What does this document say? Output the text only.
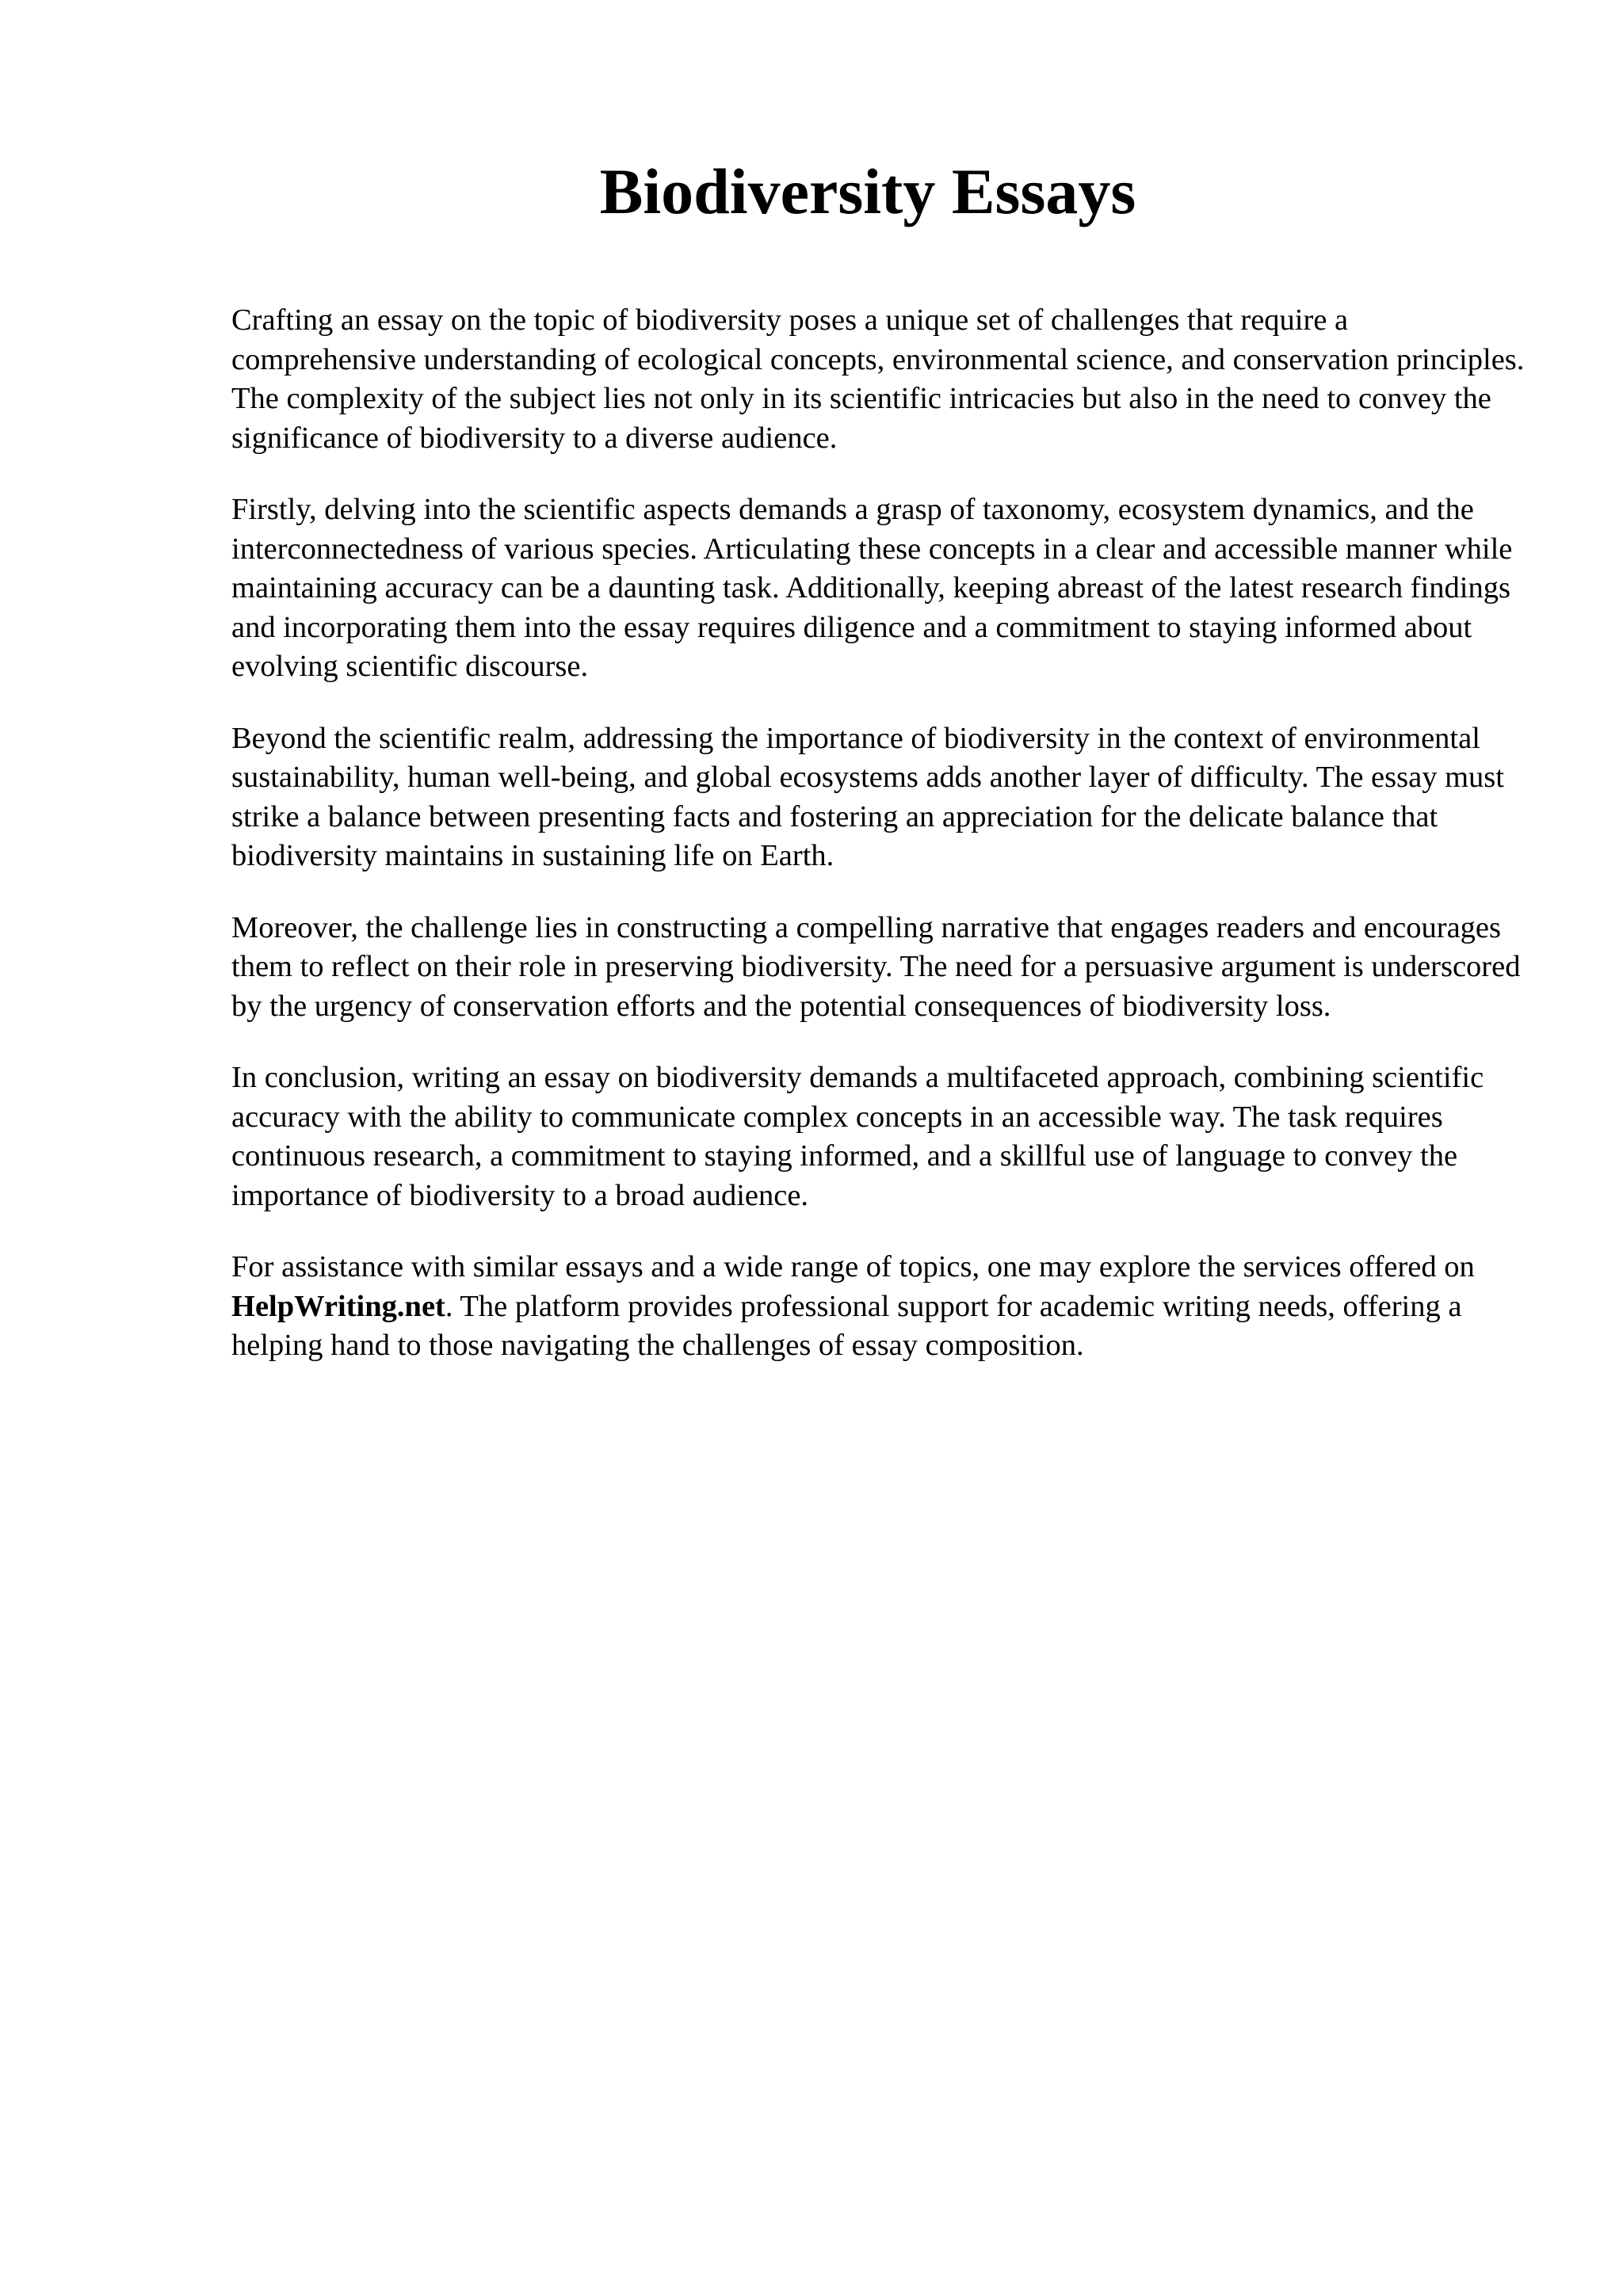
Biodiversity Essays

Crafting an essay on the topic of biodiversity poses a unique set of challenges that require a comprehensive understanding of ecological concepts, environmental science, and conservation principles. The complexity of the subject lies not only in its scientific intricacies but also in the need to convey the significance of biodiversity to a diverse audience.

Firstly, delving into the scientific aspects demands a grasp of taxonomy, ecosystem dynamics, and the interconnectedness of various species. Articulating these concepts in a clear and accessible manner while maintaining accuracy can be a daunting task. Additionally, keeping abreast of the latest research findings and incorporating them into the essay requires diligence and a commitment to staying informed about evolving scientific discourse.

Beyond the scientific realm, addressing the importance of biodiversity in the context of environmental sustainability, human well-being, and global ecosystems adds another layer of difficulty. The essay must strike a balance between presenting facts and fostering an appreciation for the delicate balance that biodiversity maintains in sustaining life on Earth.

Moreover, the challenge lies in constructing a compelling narrative that engages readers and encourages them to reflect on their role in preserving biodiversity. The need for a persuasive argument is underscored by the urgency of conservation efforts and the potential consequences of biodiversity loss.

In conclusion, writing an essay on biodiversity demands a multifaceted approach, combining scientific accuracy with the ability to communicate complex concepts in an accessible way. The task requires continuous research, a commitment to staying informed, and a skillful use of language to convey the importance of biodiversity to a broad audience.

For assistance with similar essays and a wide range of topics, one may explore the services offered on HelpWriting.net. The platform provides professional support for academic writing needs, offering a helping hand to those navigating the challenges of essay composition.
